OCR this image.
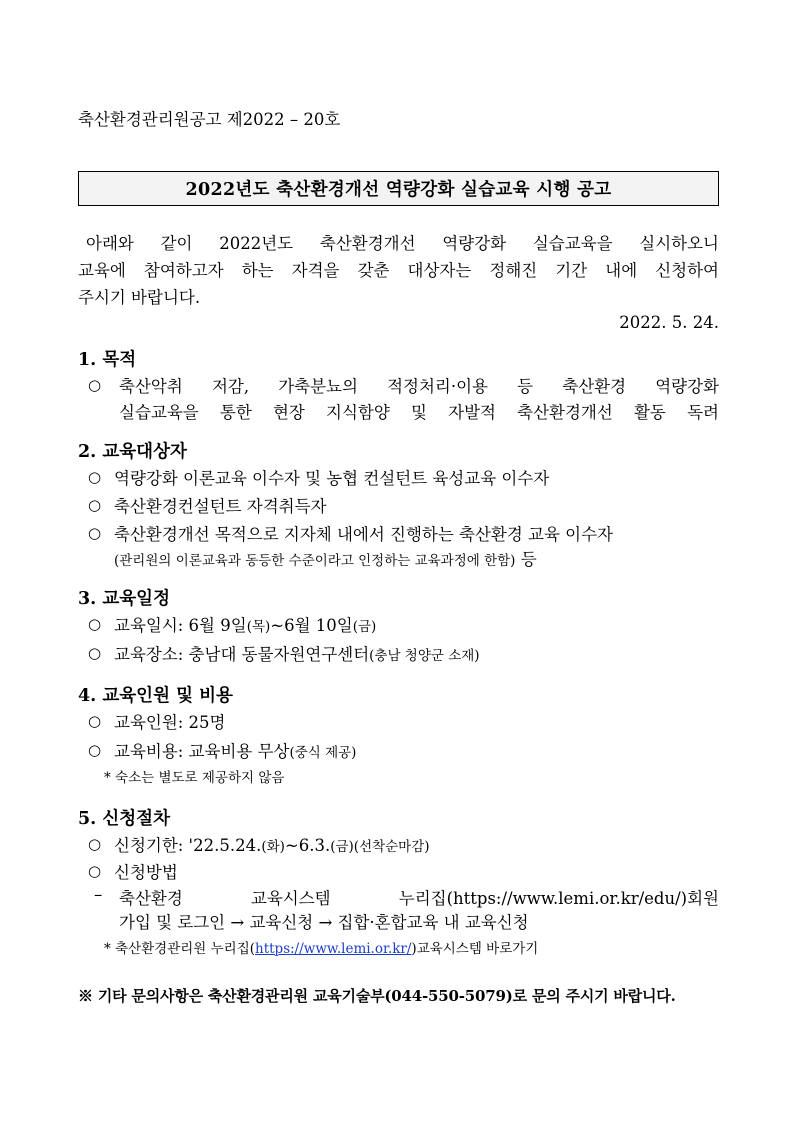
축산환경관리원공고 제2022 – 20호
2022년도 축산환경개선 역량강화 실습교육 시행 공고
아래와 같이 2022년도 축산환경개선 역량강화 실습교육을 실시하오니
교육에 참여하고자 하는 자격을 갖춘 대상자는 정해진 기간 내에 신청하여
주시기 바랍니다.
2022. 5. 24.
1. 목적
○ 축산악취 저감, 가축분뇨의 적정처리·이용 등 축산환경 역량강화
실습교육을 통한 현장 지식함양 및 자발적 축산환경개선 활동 독려
2. 교육대상자
○ 역량강화 이론교육 이수자 및 농협 컨설턴트 육성교육 이수자
○ 축산환경컨설턴트 자격취득자
○ 축산환경개선 목적으로 지자체 내에서 진행하는 축산환경 교육 이수자
(관리원의 이론교육과 동등한 수준이라고 인정하는 교육과정에 한함) 등
3. 교육일정
○ 교육일시: 6월 9일(목)~6월 10일(금)
○ 교육장소: 충남대 동물자원연구센터(충남 청양군 소재)
4. 교육인원 및 비용
○ 교육인원: 25명
○ 교육비용: 교육비용 무상(중식 제공)
* 숙소는 별도로 제공하지 않음
5. 신청절차
○ 신청기한: '22.5.24.(화)~6.3.(금)(선착순마감)
○ 신청방법
– 축산환경	교육시스템	누리집(https://www.lemi.or.kr/edu/)회원
가입 및 로그인 → 교육신청 → 집합·혼합교육 내 교육신청
* 축산환경관리원 누리집(https://www.lemi.or.kr/)교육시스템 바로가기
※ 기타 문의사항은 축산환경관리원 교육기술부(044-550-5079)로 문의 주시기 바랍니다.
